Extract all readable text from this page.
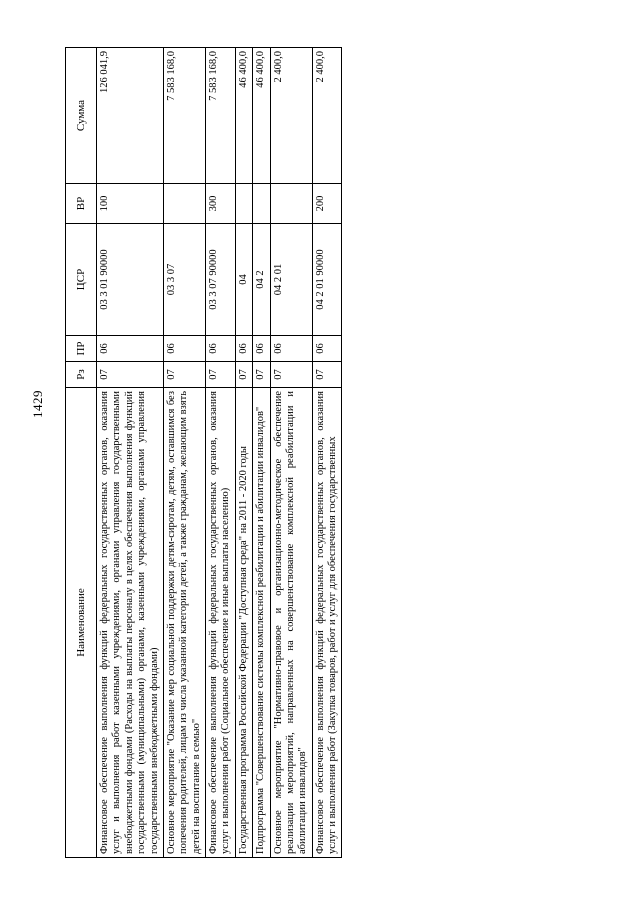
1429
Наименование	Рз	ПР	ЦСР	ВР	Сумма
Финансовое обеспечение выполнения функций федеральных государственных органов, оказания услуг и выполнения работ казенными учреждениями, органами управления государственными внебюджетными фондами (Расходы на выплаты персоналу в целях обеспечения выполнения функций государственными (муниципальными) органами, казенными учреждениями, органами управления государственными внебюджетными фондами)	07	06	03 3 01 90000	100	126 041,9
Основное мероприятие "Оказание мер социальной поддержки детям-сиротам, детям, оставшимся без попечения родителей, лицам из числа указанной категории детей, а также гражданам, желающим взять детей на воспитание в семью"	07	06	03 3 07		7 583 168,0
Финансовое обеспечение выполнения функций федеральных государственных органов, оказания услуг и выполнения работ (Социальное обеспечение и иные выплаты населению)	07	06	03 3 07 90000	300	7 583 168,0
Государственная программа Российской Федерации "Доступная среда" на 2011 - 2020 годы	07	06	04		46 400,0
Подпрограмма "Совершенствование системы комплексной реабилитации и абилитации инвалидов"	07	06	04 2		46 400,0
Основное мероприятие "Нормативно-правовое и организационно-методическое обеспечение реализации мероприятий, направленных на совершенствование комплексной реабилитации и абилитации инвалидов"	07	06	04 2 01		2 400,0
Финансовое обеспечение выполнения функций федеральных государственных органов, оказания услуг и выполнения работ (Закупка товаров, работ и услуг для обеспечения государственных	07	06	04 2 01 90000	200	2 400,0
